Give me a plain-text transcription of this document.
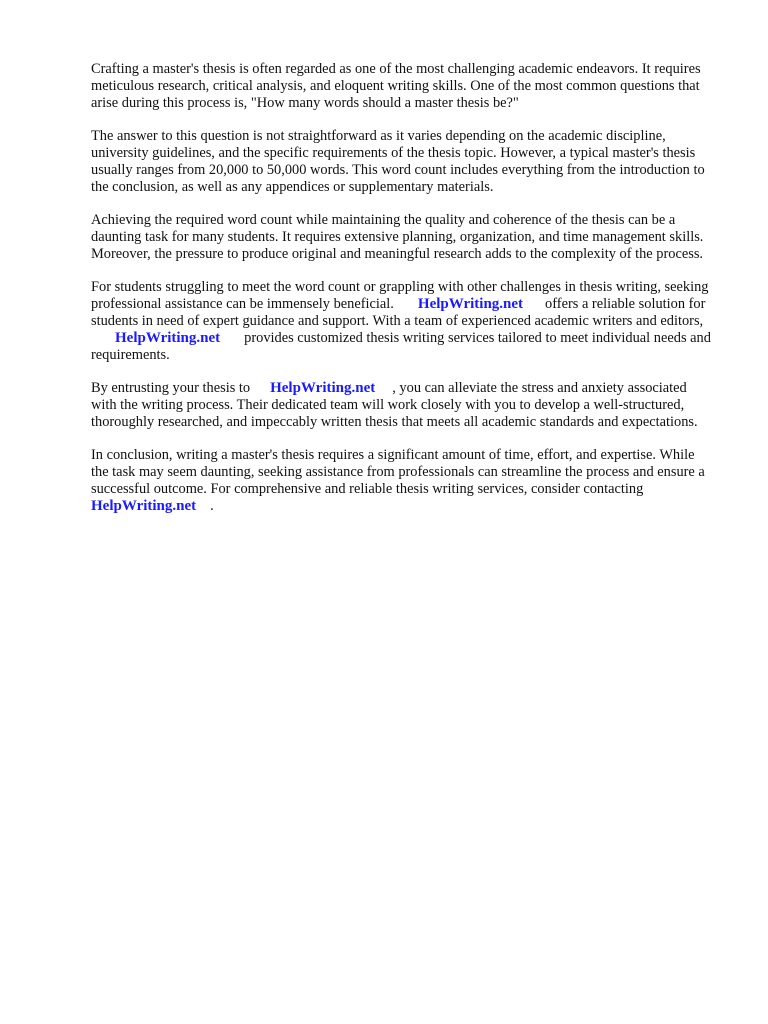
Crafting a master's thesis is often regarded as one of the most challenging academic endeavors. It requires meticulous research, critical analysis, and eloquent writing skills. One of the most common questions that arise during this process is, "How many words should a master thesis be?"

The answer to this question is not straightforward as it varies depending on the academic discipline, university guidelines, and the specific requirements of the thesis topic. However, a typical master's thesis usually ranges from 20,000 to 50,000 words. This word count includes everything from the introduction to the conclusion, as well as any appendices or supplementary materials.

Achieving the required word count while maintaining the quality and coherence of the thesis can be a daunting task for many students. It requires extensive planning, organization, and time management skills. Moreover, the pressure to produce original and meaningful research adds to the complexity of the process.

For students struggling to meet the word count or grappling with other challenges in thesis writing, seeking professional assistance can be immensely beneficial. HelpWriting.net offers a reliable solution for students in need of expert guidance and support. With a team of experienced academic writers and editors,HelpWriting.net provides customized thesis writing services tailored to meet individual needs and requirements.

By entrusting your thesis to HelpWriting.net , you can alleviate the stress and anxiety associated with the writing process. Their dedicated team will work closely with you to develop a well-structured, thoroughly researched, and impeccably written thesis that meets all academic standards and expectations.

In conclusion, writing a master's thesis requires a significant amount of time, effort, and expertise. While the task may seem daunting, seeking assistance from professionals can streamline the process and ensure a successful outcome. For comprehensive and reliable thesis writing services, consider contactingHelpWriting.net .
